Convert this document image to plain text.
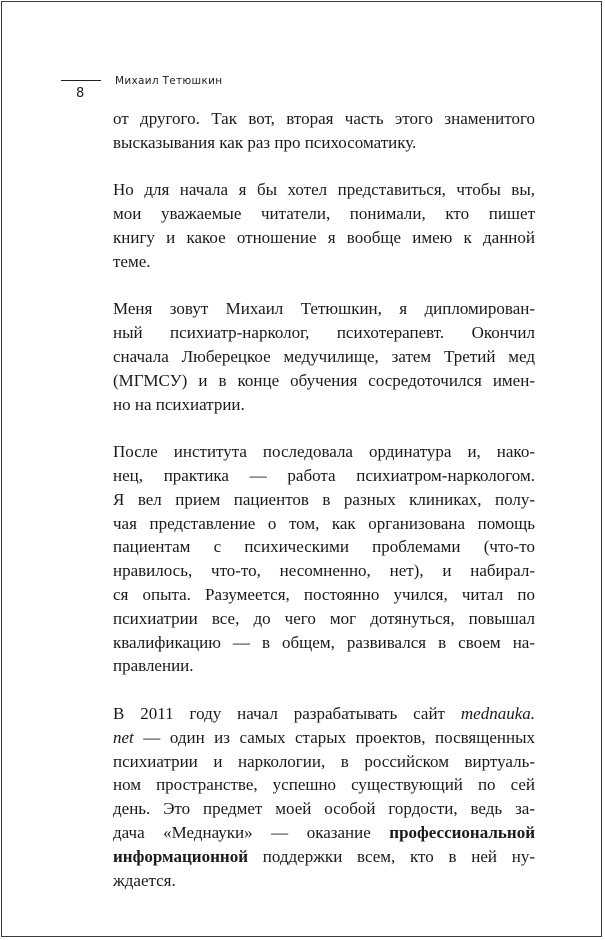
8
Михаил Тетюшкин
от другого. Так вот, вторая часть этого знаменитого
высказывания как раз про психосоматику.
Но для начала я бы хотел представиться, чтобы вы,
мои уважаемые читатели, понимали, кто пишет
книгу и какое отношение я вообще имею к данной
теме.
Меня зовут Михаил Тетюшкин, я дипломирован-
ный психиатр-нарколог, психотерапевт. Окончил
сначала Люберецкое медучилище, затем Третий мед
(МГМСУ) и в конце обучения сосредоточился имен-
но на психиатрии.
После института последовала ординатура и, нако-
нец, практика — работа психиатром-наркологом.
Я вел прием пациентов в разных клиниках, полу-
чая представление о том, как организована помощь
пациентам с психическими проблемами (что-то
нравилось, что-то, несомненно, нет), и набирал-
ся опыта. Разумеется, постоянно учился, читал по
психиатрии все, до чего мог дотянуться, повышал
квалификацию — в общем, развивался в своем на-
правлении.
В 2011 году начал разрабатывать сайт mednauka.
net — один из самых старых проектов, посвященных
психиатрии и наркологии, в российском виртуаль-
ном пространстве, успешно существующий по сей
день. Это предмет моей особой гордости, ведь за-
дача «Меднауки» — оказание профессиональной
информационной поддержки всем, кто в ней ну-
ждается.
